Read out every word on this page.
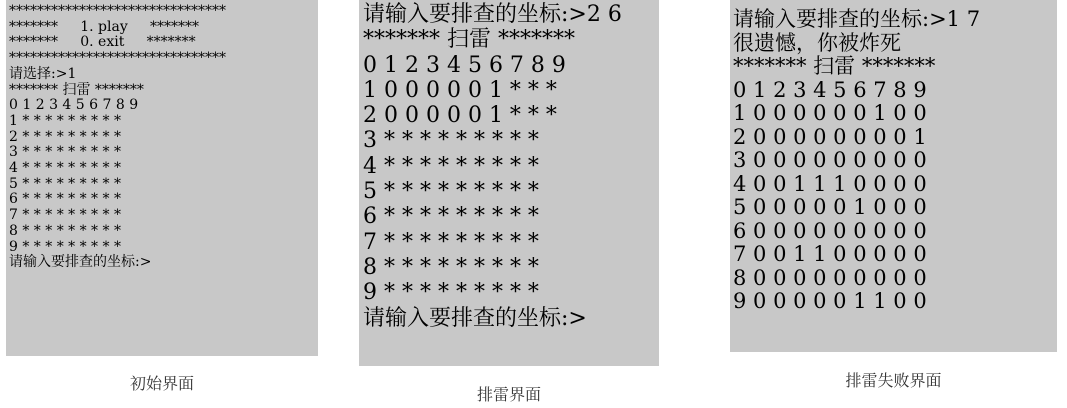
*******************************
*******     1. play     *******
*******     0. exit     *******
*******************************
请选择:>1
******* 扫雷 *******
0 1 2 3 4 5 6 7 8 9
1 * * * * * * * * *
2 * * * * * * * * *
3 * * * * * * * * *
4 * * * * * * * * *
5 * * * * * * * * *
6 * * * * * * * * *
7 * * * * * * * * *
8 * * * * * * * * *
9 * * * * * * * * *
请输入要排查的坐标:>
初始界面
请输入要排查的坐标:>2 6
******* 扫雷 *******
0 1 2 3 4 5 6 7 8 9
1 0 0 0 0 0 1 * * *
2 0 0 0 0 0 1 * * *
3 * * * * * * * * *
4 * * * * * * * * *
5 * * * * * * * * *
6 * * * * * * * * *
7 * * * * * * * * *
8 * * * * * * * * *
9 * * * * * * * * *
请输入要排查的坐标:>
排雷界面
请输入要排查的坐标:>1 7
很遗憾，你被炸死
******* 扫雷 *******
0 1 2 3 4 5 6 7 8 9
1 0 0 0 0 0 0 1 0 0
2 0 0 0 0 0 0 0 0 1
3 0 0 0 0 0 0 0 0 0
4 0 0 1 1 1 0 0 0 0
5 0 0 0 0 0 1 0 0 0
6 0 0 0 0 0 0 0 0 0
7 0 0 1 1 0 0 0 0 0
8 0 0 0 0 0 0 0 0 0
9 0 0 0 0 0 1 1 0 0
排雷失败界面
